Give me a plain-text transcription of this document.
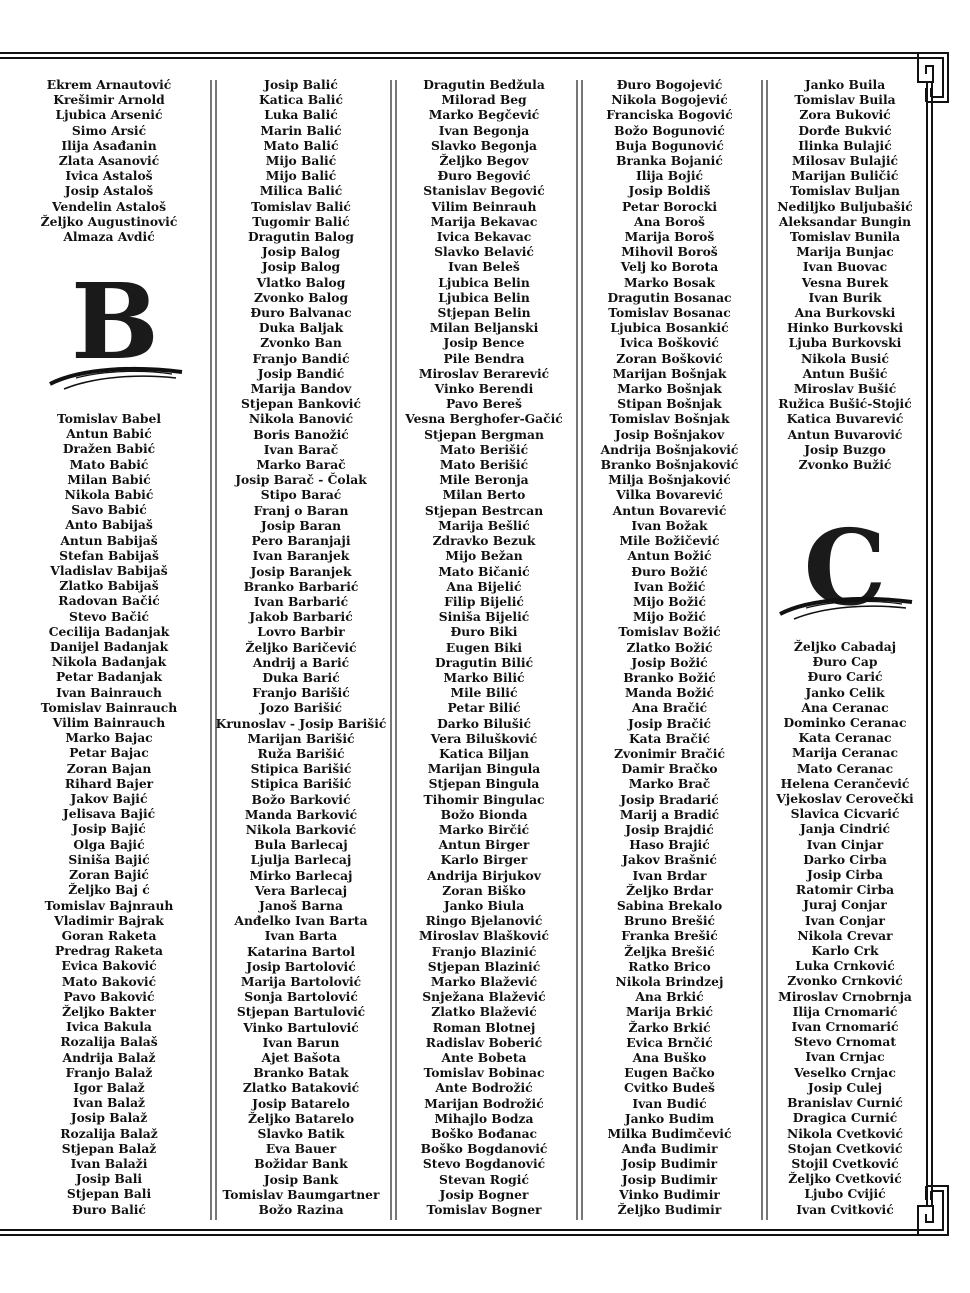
Ekrem Arnautović
Krešimir Arnold
Ljubica Arsenić
Simo Arsić
Ilija Asađanin
Zlata Asanović
Ivica Astaloš
Josip Astaloš
Vendelin Astaloš
Željko Augustinović
Almaza Avdić
B
Tomislav Babel
Antun Babić
Dražen Babić
Mato Babić
Milan Babić
Nikola Babić
Savo Babić
Anto Babijaš
Antun Babijaš
Stefan Babijaš
Vladislav Babijaš
Zlatko Babijaš
Radovan Bačić
Stevo Bačić
Cecilija Badanjak
Danijel Badanjak
Nikola Badanjak
Petar Badanjak
Ivan Bainrauch
Tomislav Bainrauch
Vilim Bainrauch
Marko Bajac
Petar Bajac
Zoran Bajan
Rihard Bajer
Jakov Bajić
Jelisava Bajić
Josip Bajić
Olga Bajić
Siniša Bajić
Zoran Bajić
Željko Baj ć
Tomislav Bajnrauh
Vladimir Bajrak
Goran Raketa
Predrag Raketa
Evica Baković
Mato Baković
Pavo Baković
Željko Bakter
Ivica Bakula
Rozalija Balaš
Andrija Balaž
Franjo Balaž
Igor Balaž
Ivan Balaž
Josip Balaž
Rozalija Balaž
Stjepan Balaž
Ivan Balaži
Josip Bali
Stjepan Bali
Đuro Balić
Josip Balić
Katica Balić
Luka Balić
Marin Balić
Mato Balić
Mijo Balić
Mijo Balić
Milica Balić
Tomislav Balić
Tugomir Balić
Dragutin Balog
Josip Balog
Josip Balog
Vlatko Balog
Zvonko Balog
Đuro Balvanac
Duka Baljak
Zvonko Ban
Franjo Bandić
Josip Bandić
Marija Bandov
Stjepan Banković
Nikola Banović
Boris Banožić
Ivan Barač
Marko Barač
Josip Barač - Čolak
Stipo Barać
Franj o Baran
Josip Baran
Pero Baranjaji
Ivan Baranjek
Josip Baranjek
Branko Barbarić
Ivan Barbarić
Jakob Barbarić
Lovro Barbir
Željko Baričević
Andrij a Barić
Duka Barić
Franjo Barišić
Jozo Barišić
Krunoslav - Josip Barišić
Marijan Barišić
Ruža Barišić
Stipica Barišić
Stipica Barišić
Božo Barković
Manda Barković
Nikola Barković
Bula Barlecaj
Ljulja Barlecaj
Mirko Barlecaj
Vera Barlecaj
Janoš Barna
Anđelko Ivan Barta
Ivan Barta
Katarina Bartol
Josip Bartolović
Marija Bartolović
Sonja Bartolović
Stjepan Bartulović
Vinko Bartulović
Ivan Barun
Ajet Bašota
Branko Batak
Zlatko Bataković
Josip Batarelo
Željko Batarelo
Slavko Batik
Eva Bauer
Božidar Bank
Josip Bank
Tomislav Baumgartner
Božo Razina
Dragutin Bedžula
Milorad Beg
Marko Begčević
Ivan Begonja
Slavko Begonja
Željko Begov
Đuro Begović
Stanislav Begović
Vilim Beinrauh
Marija Bekavac
Ivica Bekavac
Slavko Belavić
Ivan Beleš
Ljubica Belin
Ljubica Belin
Stjepan Belin
Milan Beljanski
Josip Bence
Pile Bendra
Miroslav Berarević
Vinko Berendi
Pavo Bereš
Vesna Berghofer-Gačić
Stjepan Bergman
Mato Berišić
Mato Berišić
Mile Beronja
Milan Berto
Stjepan Bestrcan
Marija Bešlić
Zdravko Bezuk
Mijo Bežan
Mato Bičanić
Ana Bijelić
Filip Bijelić
Siniša Bijelić
Đuro Biki
Eugen Biki
Dragutin Bilić
Marko Bilić
Mile Bilić
Petar Bilić
Darko Bilušić
Vera Bilušković
Katica Biljan
Marijan Bingula
Stjepan Bingula
Tihomir Bingulac
Božo Bionda
Marko Birčić
Antun Birger
Karlo Birger
Andrija Birjukov
Zoran Biško
Janko Biula
Ringo Bjelanović
Miroslav Blašković
Franjo Blazinić
Stjepan Blazinić
Marko Blažević
Snježana Blažević
Zlatko Blažević
Roman Blotnej
Radislav Boberić
Ante Bobeta
Tomislav Bobinac
Ante Bodrožić
Marijan Bodrožić
Mihajlo Bodza
Boško Bođanac
Boško Bogdanović
Stevo Bogdanović
Stevan Rogić
Josip Bogner
Tomislav Bogner
Đuro Bogojević
Nikola Bogojević
Franciska Bogović
Božo Bogunović
Buja Bogunović
Branka Bojanić
Ilija Bojić
Josip Boldiš
Petar Borocki
Ana Boroš
Marija Boroš
Mihovil Boroš
Velj ko Borota
Marko Bosak
Dragutin Bosanac
Tomislav Bosanac
Ljubica Bosankić
Ivica Bošković
Zoran Bošković
Marijan Bošnjak
Marko Bošnjak
Stipan Bošnjak
Tomislav Bošnjak
Josip Bošnjakov
Andrija Bošnjaković
Branko Bošnjaković
Milja Bošnjaković
Vilka Bovarević
Antun Bovarević
Ivan Božak
Mile Božičević
Antun Božić
Đuro Božić
Ivan Božić
Mijo Božić
Mijo Božić
Tomislav Božić
Zlatko Božić
Josip Božić
Branko Božić
Manda Božić
Ana Bračić
Josip Bračić
Kata Bračić
Zvonimir Bračić
Damir Bračko
Marko Brač
Josip Bradarić
Marij a Bradić
Josip Brajdić
Haso Brajić
Jakov Brašnić
Ivan Brdar
Željko Brdar
Sabina Brekalo
Bruno Brešić
Franka Brešić
Željka Brešić
Ratko Brico
Nikola Brindzej
Ana Brkić
Marija Brkić
Žarko Brkić
Evica Brnčić
Ana Buško
Eugen Bačko
Cvitko Budeš
Ivan Budić
Janko Budim
Milka Budimčević
Anđa Budimir
Josip Budimir
Josip Budimir
Vinko Budimir
Željko Budimir
Janko Buila
Tomislav Buila
Zora Buković
Dorđe Bukvić
Ilinka Bulajić
Milosav Bulajić
Marijan Buličić
Tomislav Buljan
Nediljko Buljubašić
Aleksandar Bungin
Tomislav Bunila
Marija Bunjac
Ivan Buovac
Vesna Burek
Ivan Burik
Ana Burkovski
Hinko Burkovski
Ljuba Burkovski
Nikola Busić
Antun Bušić
Miroslav Bušić
Ružica Bušić-Stojić
Katica Buvarević
Antun Buvarović
Josip Buzgo
Zvonko Bužić
C
Željko Cabadaj
Đuro Cap
Đuro Carić
Janko Celik
Ana Ceranac
Dominko Ceranac
Kata Ceranac
Marija Ceranac
Mato Ceranac
Helena Cerančević
Vjekoslav Cerovečki
Slavica Cicvarić
Janja Cindrić
Ivan Cinjar
Darko Cirba
Josip Cirba
Ratomir Cirba
Juraj Conjar
Ivan Conjar
Nikola Crevar
Karlo Crk
Luka Crnković
Zvonko Crnković
Miroslav Crnobrnja
Ilija Crnomarić
Ivan Crnomarić
Stevo Crnomat
Ivan Crnjac
Veselko Crnjac
Josip Culej
Branislav Curnić
Dragica Curnić
Nikola Cvetković
Stojan Cvetković
Stojil Cvetković
Željko Cvetković
Ljubo Cvijić
Ivan Cvitković
